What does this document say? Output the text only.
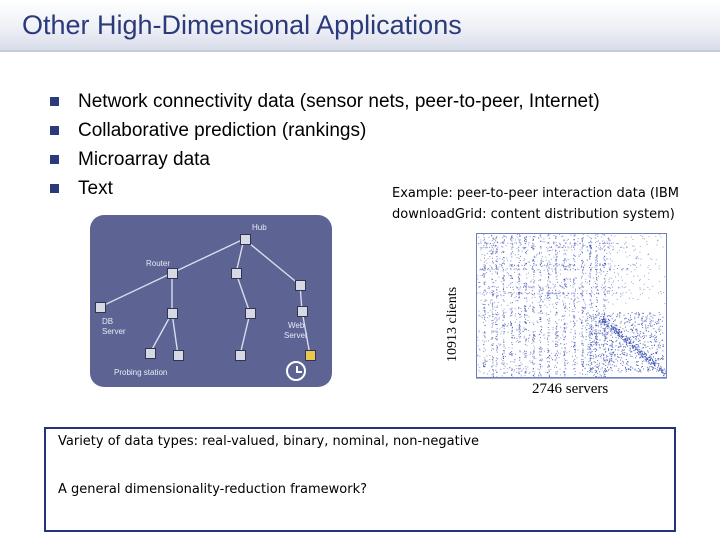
Other High-Dimensional Applications
Network connectivity data (sensor nets, peer-to-peer, Internet)
Collaborative prediction (rankings)
Microarray data
Text	Example: peer-to-peer interaction data (IBM
downloadGrid: content distribution system)
Hub
Router
DB
Server
Web
Server
Probing station
10913 clients
2746 servers
Variety of data types: real-valued, binary, nominal, non-negative
A general dimensionality-reduction framework?
